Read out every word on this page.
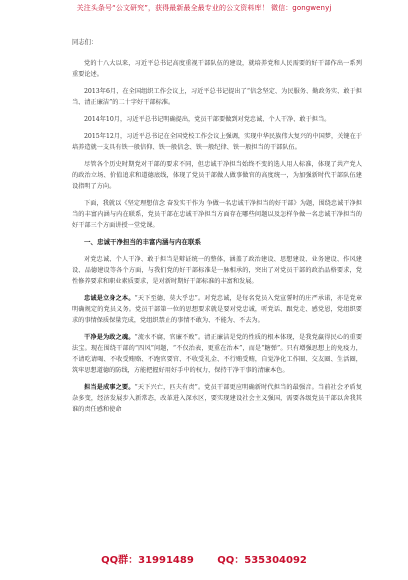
关注头条号“公文研究”，获得最新最全最专业的公文资料库！ 微信：gongwenyj

同志们：

党的十八大以来，习近平总书记高度重视干部队伍的建设，就培养党和人民需要的好干部作出一系列重要论述。

2013年6月，在全国组织工作会议上，习近平总书记提出了“信念坚定、为民服务、勤政务实、敢于担当、清正廉洁”的二十字好干部标准。

2014年10月，习近平总书记明确提出，党员干部要做到对党忠诚、个人干净、敢于担当。

2015年12月，习近平总书记在全国党校工作会议上强调，实现中华民族伟大复兴的中国梦，关键在于培养造就一支具有铁一般信仰、铁一般信念、铁一般纪律、铁一般担当的干部队伍。

尽管各个历史时期党对干部的要求不同，但忠诚干净担当始终不变的选人用人标准，体现了共产党人的政治立场、价值追求和道德底线，体现了党员干部做人做事做官的高度统一，为加强新时代干部队伍建设指明了方向。

下面，我就以《坚定理想信念 奋发实干作为 争做一名忠诚干净担当的好干部》为题，围绕忠诚干净担当的丰富内涵与内在联系，党员干部在忠诚干净担当方面存在哪些问题以及怎样争做一名忠诚干净担当的好干部三个方面讲授一堂党课。

一、忠诚干净担当的丰富内涵与内在联系

对党忠诚、个人干净、敢于担当是辩证统一的整体，涵盖了政治建设、思想建设、业务建设、作风建设、品德建设等各个方面，与我们党的好干部标准是一脉相承的，突出了对党员干部的政治品格要求，党性修养要求和职业素质要求，是对新时期好干部标准的丰富和发展。

忠诚是立身之本。“天下至德，莫大乎忠”。对党忠诚，是每名党员入党宣誓时的庄严承诺，亦是党章明确规定的党员义务。党员干部第一位的思想要求就是要对党忠诚，听党话、跟党走、感党恩，党组织要求的事情保质保量完成，党组织禁止的事情不敢为、不能为、不去为。

干净是为政之魂。“流水不腐，官廉不败”。清正廉洁是党的性质的根本体现，是我党赢得民心的重要法宝。现在围绕干部的“四风”问题，“不仅治表，更重在治本”，而是“糖弹”。只有增强思想上的免疫力，不请吃请喝、不收受贿赂、不跑官要官、不收受礼金、不行贿受贿，自觉净化工作圈、交友圈、生活圈，筑牢思想道德的防线，方能把握好用好手中的权力，保持干净干事的清廉本色。

担当是成事之要。“天下兴亡，匹夫有责”。党员干部更应明确新时代担当的最强音。当前社会矛盾复杂多变，经济发展步入新常态，改革进入深水区，要实现建设社会主义强国，需要各级党员干部以舍我其谁的责任感和使命

QQ群：31991489 QQ：535304092
